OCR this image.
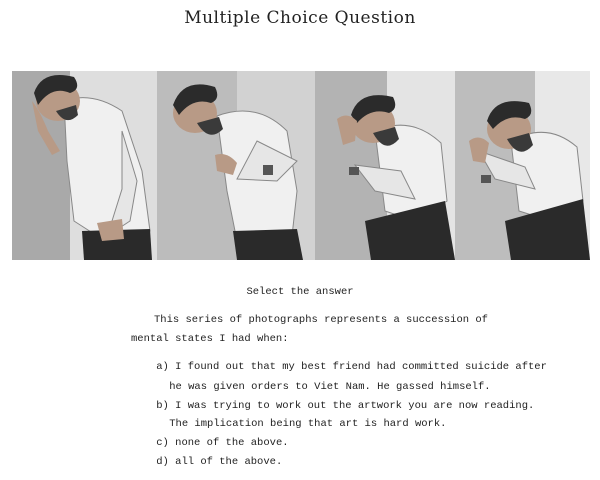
Multiple Choice Question
Select the answer

This series of photographs represents a succession of

mental states I had when:

a) I found out that my best friend had committed suicide after

he was given orders to Viet Nam. He gassed himself.

b) I was trying to work out the artwork you are now reading.

The implication being that art is hard work.

c) none of the above.

d) all of the above.
